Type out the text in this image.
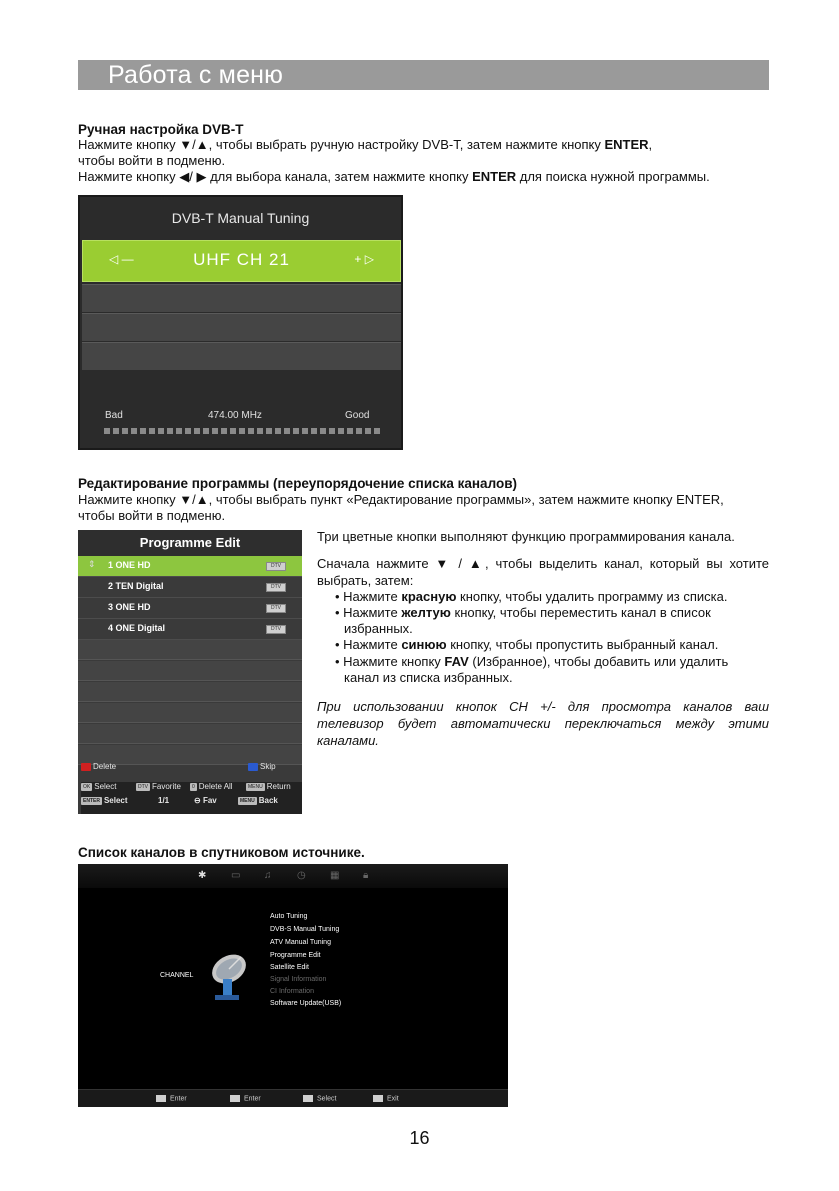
Работа с меню
Ручная настройка DVB-T
Нажмите кнопку ▼/▲, чтобы выбрать ручную настройку DVB-T, затем нажмите кнопку ENTER,
чтобы войти в подменю.
Нажмите кнопку ◀/ ▶ для выбора канала, затем нажмите кнопку ENTER для поиска нужной программы.
DVB-T Manual Tuning
◁ —	UHF CH 21	+ ▷
Bad	474.00 MHz	Good
Редактирование программы (переупорядочение списка каналов)
Нажмите кнопку ▼/▲, чтобы выбрать пункт «Редактирование программы», затем нажмите кнопку ENTER,
чтобы войти в подменю.
Programme Edit
⇕ 1 ONE HD	DTV
2 TEN Digital	DTV
3 ONE HD	DTV
4 ONE Digital	DTV
Delete	Skip
OK Select	DTV Favorite	0 Delete All	MENU Return
ENTER Select	1/1	⊖ Fav	MENU Back
Три цветные кнопки выполняют функцию программирования канала.
Сначала нажмите ▼ / ▲, чтобы выделить канал, который вы хотите
выбрать, затем:
• Нажмите красную кнопку, чтобы удалить программу из списка.
• Нажмите желтую кнопку, чтобы переместить канал в список
избранных.
• Нажмите синюю кнопку, чтобы пропустить выбранный канал.
• Нажмите кнопку FAV (Избранное), чтобы добавить или удалить
канал из списка избранных.
При использовании кнопок CH +/- для просмотра каналов ваш
телевизор будет автоматически переключаться между этими
каналами.
Список каналов в спутниковом источнике.
✱ ▭ ♫	◷ ▦ 🔒︎
CHANNEL
Auto Tuning
DVB-S Manual Tuning
ATV Manual Tuning
Programme Edit
Satellite Edit
Signal Information
CI Information
Software Update(USB)
Enter	Enter	Select	Exit
16
